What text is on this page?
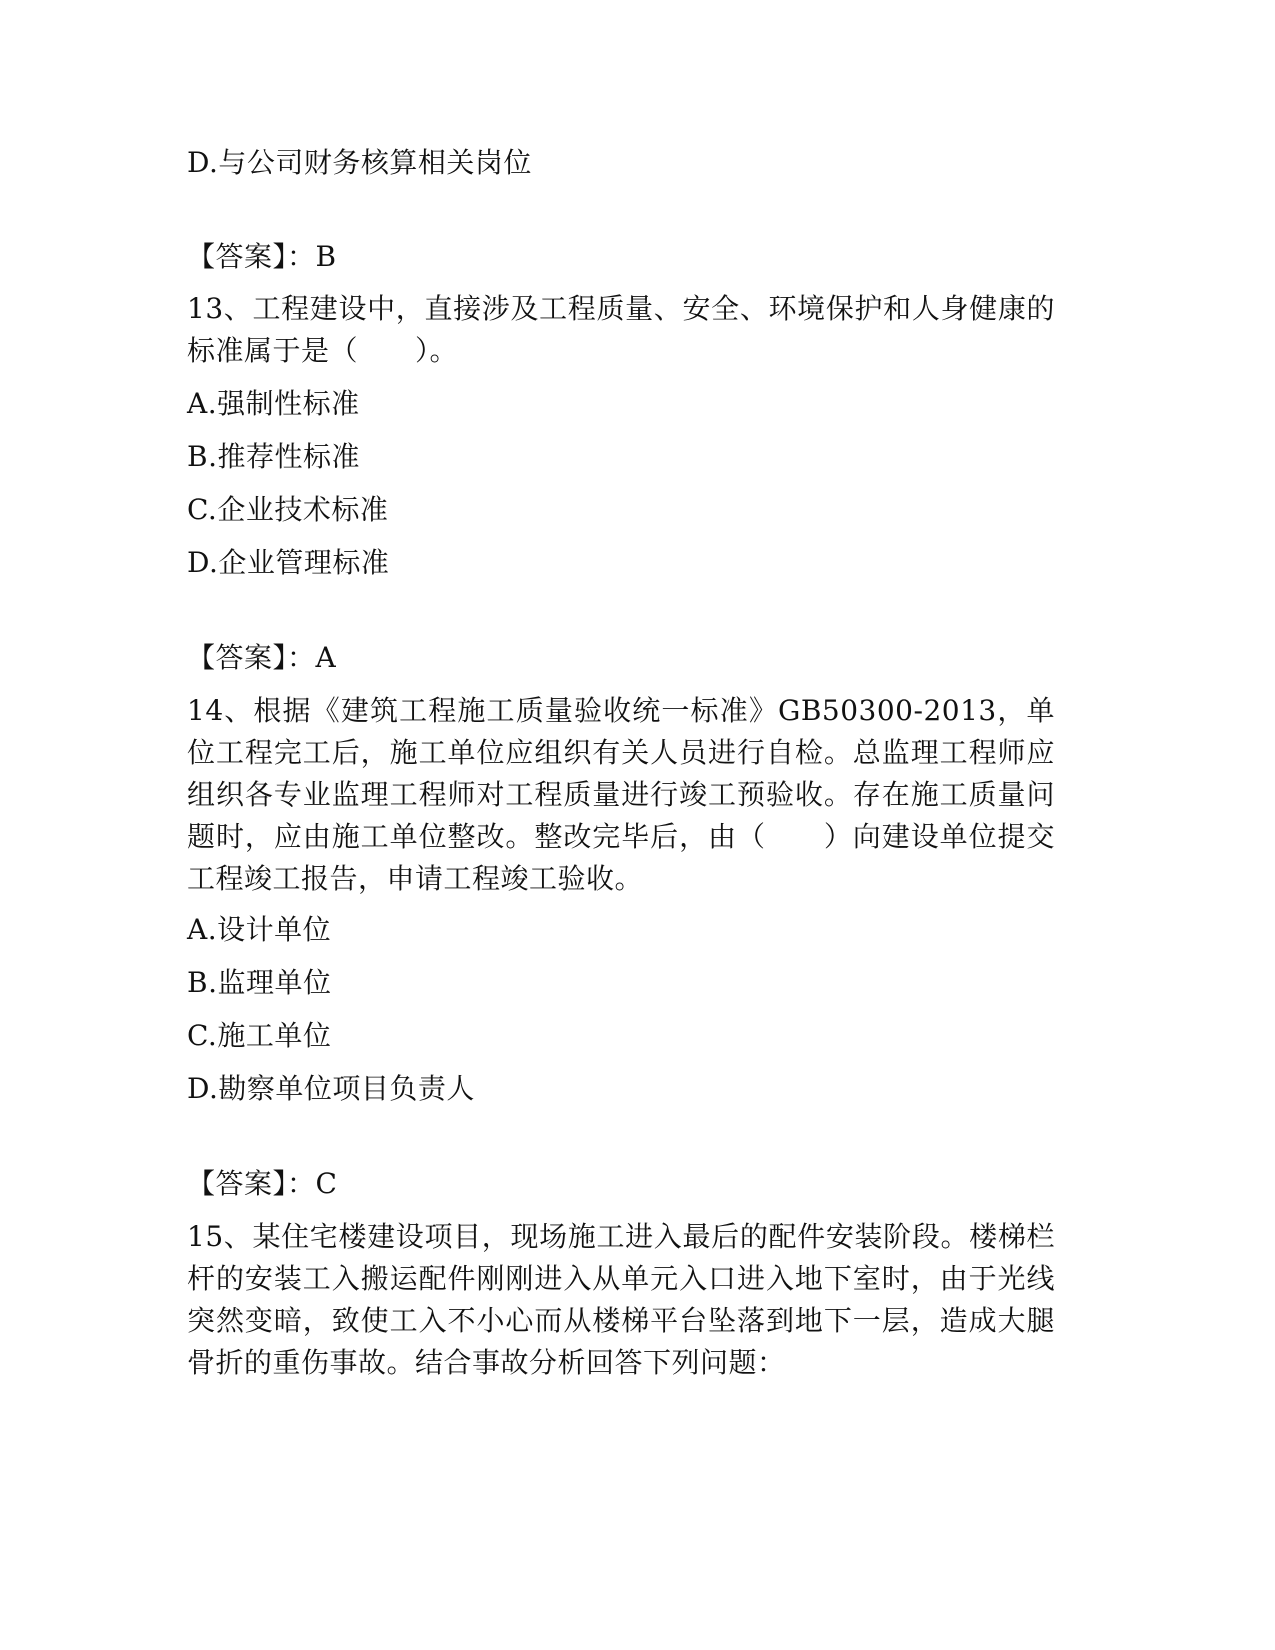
D.与公司财务核算相关岗位
【答案】：B
13、工程建设中，直接涉及工程质量、安全、环境保护和人身健康的标准属于是（　　）。
A.强制性标准
B.推荐性标准
C.企业技术标准
D.企业管理标准
【答案】：A
14、根据《建筑工程施工质量验收统一标准》GB50300-2013，单位工程完工后，施工单位应组织有关人员进行自检。总监理工程师应组织各专业监理工程师对工程质量进行竣工预验收。存在施工质量问题时，应由施工单位整改。整改完毕后，由（　　）向建设单位提交工程竣工报告，申请工程竣工验收。
A.设计单位
B.监理单位
C.施工单位
D.勘察单位项目负责人
【答案】：C
15、某住宅楼建设项目，现场施工进入最后的配件安装阶段。楼梯栏杆的安装工入搬运配件刚刚进入从单元入口进入地下室时，由于光线突然变暗，致使工入不小心而从楼梯平台坠落到地下一层，造成大腿骨折的重伤事故。结合事故分析回答下列问题：
